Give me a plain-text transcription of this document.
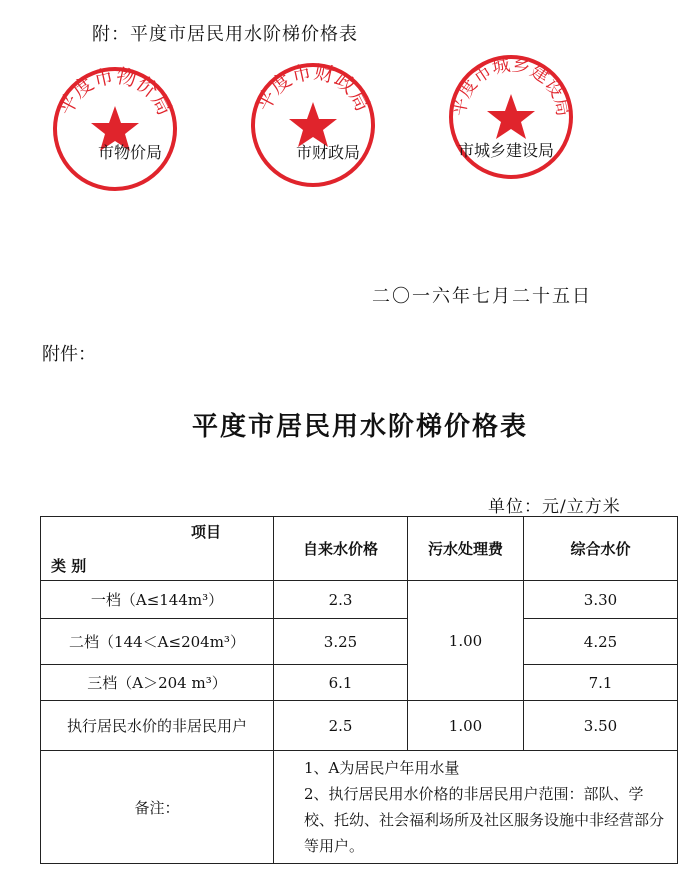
附：平度市居民用水阶梯价格表
平度市物价局	平度市财政局	平度市城乡建设局
市物价局	市财政局	市城乡建设局
二〇一六年七月二十五日
附件：
平度市居民用水阶梯价格表
单位：元/立方米
项目
类 别	自来水价格	污水处理费	综合水价
一档（A≤144m³）	2.3	1.00	3.30
二档（144＜A≤204m³）	3.25		4.25
三档（A＞204 m³）	6.1		7.1
执行居民水价的非居民用户	2.5	1.00	3.50
备注：	1、A为居民户年用水量

2、执行居民用水价格的非居民用户范围：部队、学校、托幼、社会福利场所及社区服务设施中非经营部分等用户。		
